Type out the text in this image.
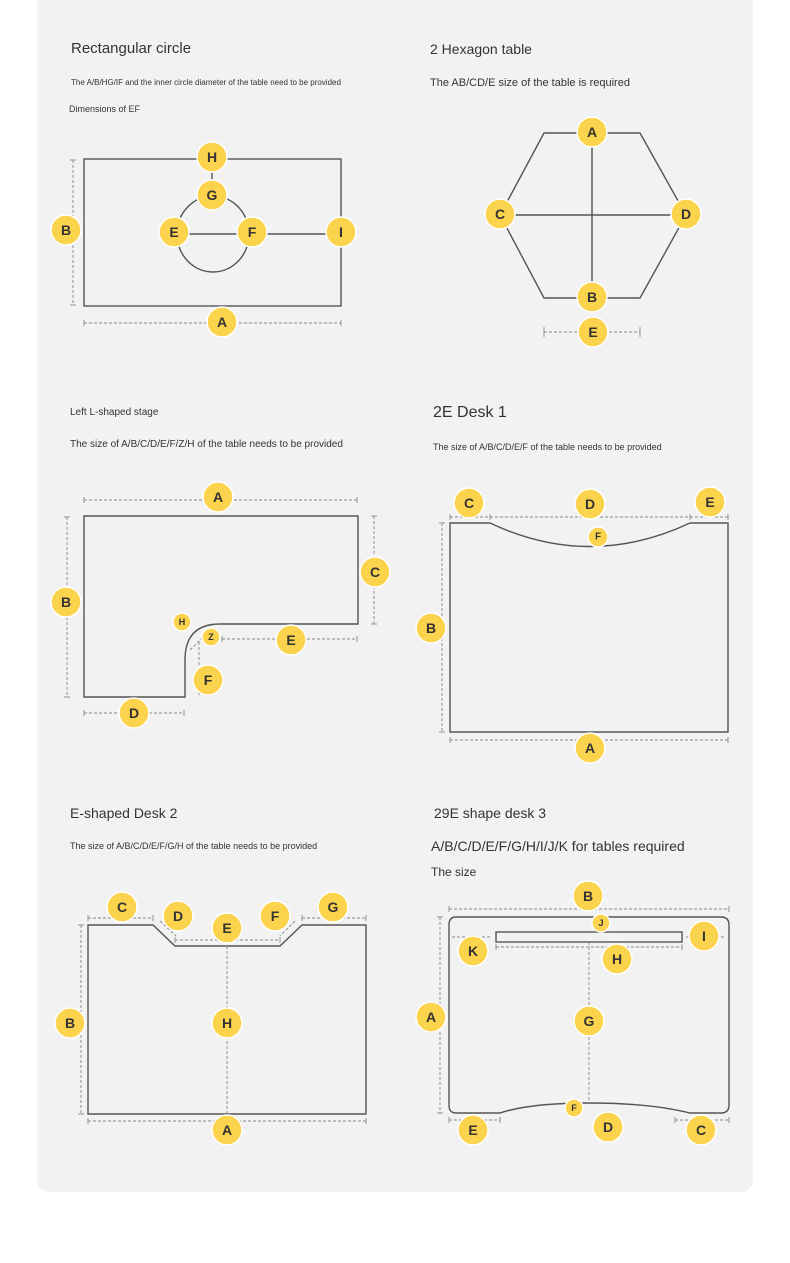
Rectangular circle
The A/B/HG/IF and the inner circle diameter of the table need to be provided
Dimensions of EF
2 Hexagon table
The AB/CD/E size of the table is required
Left L-shaped stage
The size of A/B/C/D/E/F/Z/H of the table needs to be provided
2E Desk 1
The size of A/B/C/D/E/F of the table needs to be provided
E-shaped Desk 2
The size of A/B/C/D/E/F/G/H of the table needs to be provided
29E shape desk 3
A/B/C/D/E/F/G/H/I/J/K for tables required
The size
H
G
E	F	I
B
A
A
C	D
B
E
A
B
C
E
H
Z
F
D
C	D	E
F
B
A
C
D
E
F
G
B	H
A
B
J
I
K	H
A	G
F
D
E	C
